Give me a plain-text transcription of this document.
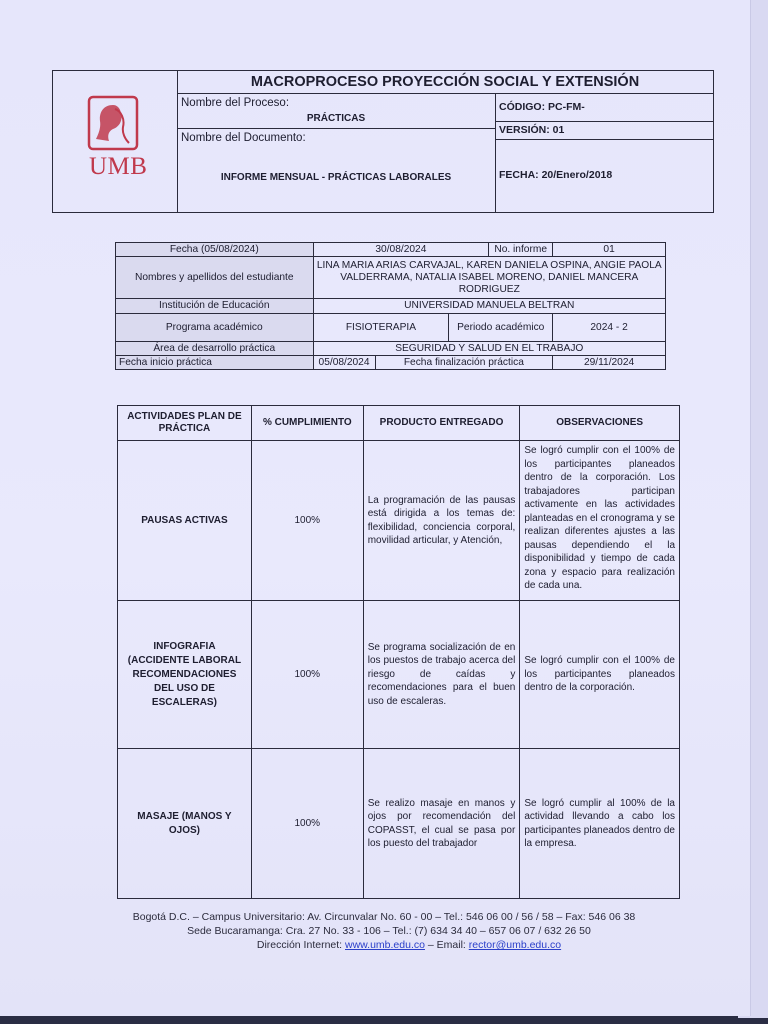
UMB
MACROPROCESO PROYECCIÓN SOCIAL Y EXTENSIÓN
Nombre del Proceso:
PRÁCTICAS
Nombre del Documento:
INFORME MENSUAL - PRÁCTICAS LABORALES
CÓDIGO: PC-FM-
VERSIÓN: 01
FECHA: 20/Enero/2018
Fecha (05/08/2024)	30/08/2024			No. informe	01
Nombres y apellidos del estudiante	LINA MARIA ARIAS CARVAJAL, KAREN DANIELA OSPINA, ANGIE PAOLA VALDERRAMA, NATALIA ISABEL MORENO, DANIEL MANCERA RODRIGUEZ				
Institución de Educación	UNIVERSIDAD MANUELA BELTRAN				
Programa académico	FISIOTERAPIA		Periodo académico		2024 - 2
Área de desarrollo práctica	SEGURIDAD Y SALUD EN EL TRABAJO				
Fecha inicio práctica	05/08/2024	Fecha finalización práctica			29/11/2024
ACTIVIDADES PLAN DE PRÁCTICA	% CUMPLIMIENTO	PRODUCTO ENTREGADO	OBSERVACIONES
PAUSAS ACTIVAS	100%	La programación de las pausas está dirigida a los temas de: flexibilidad, conciencia corporal, movilidad articular, y Atención,	Se logró cumplir con el 100% de los participantes planeados dentro de la corporación. Los trabajadores participan activamente en las actividades planteadas en el cronograma y se realizan diferentes ajustes a las pausas dependiendo el la disponibilidad y tiempo de cada zona y espacio para realización de cada una.
INFOGRAFIA (ACCIDENTE LABORAL RECOMENDACIONES DEL USO DE ESCALERAS)	100%	Se programa socialización de en los puestos de trabajo acerca del riesgo de caídas y recomendaciones para el buen uso de escaleras.	Se logró cumplir con el 100% de los participantes planeados dentro de la corporación.
MASAJE (MANOS Y OJOS)	100%	Se realizo masaje en manos y ojos por recomendación del COPASST, el cual se pasa por los puesto del trabajador	Se logró cumplir al 100% de la actividad llevando a cabo los participantes planeados dentro de la empresa.
Bogotá D.C. – Campus Universitario: Av. Circunvalar No. 60 - 00 – Tel.: 546 06 00 / 56 / 58 – Fax: 546 06 38
Sede Bucaramanga: Cra. 27 No. 33 - 106 – Tel.: (7) 634 34 40 – 657 06 07 / 632 26 50
Dirección Internet: www.umb.edu.co – Email: rector@umb.edu.co
